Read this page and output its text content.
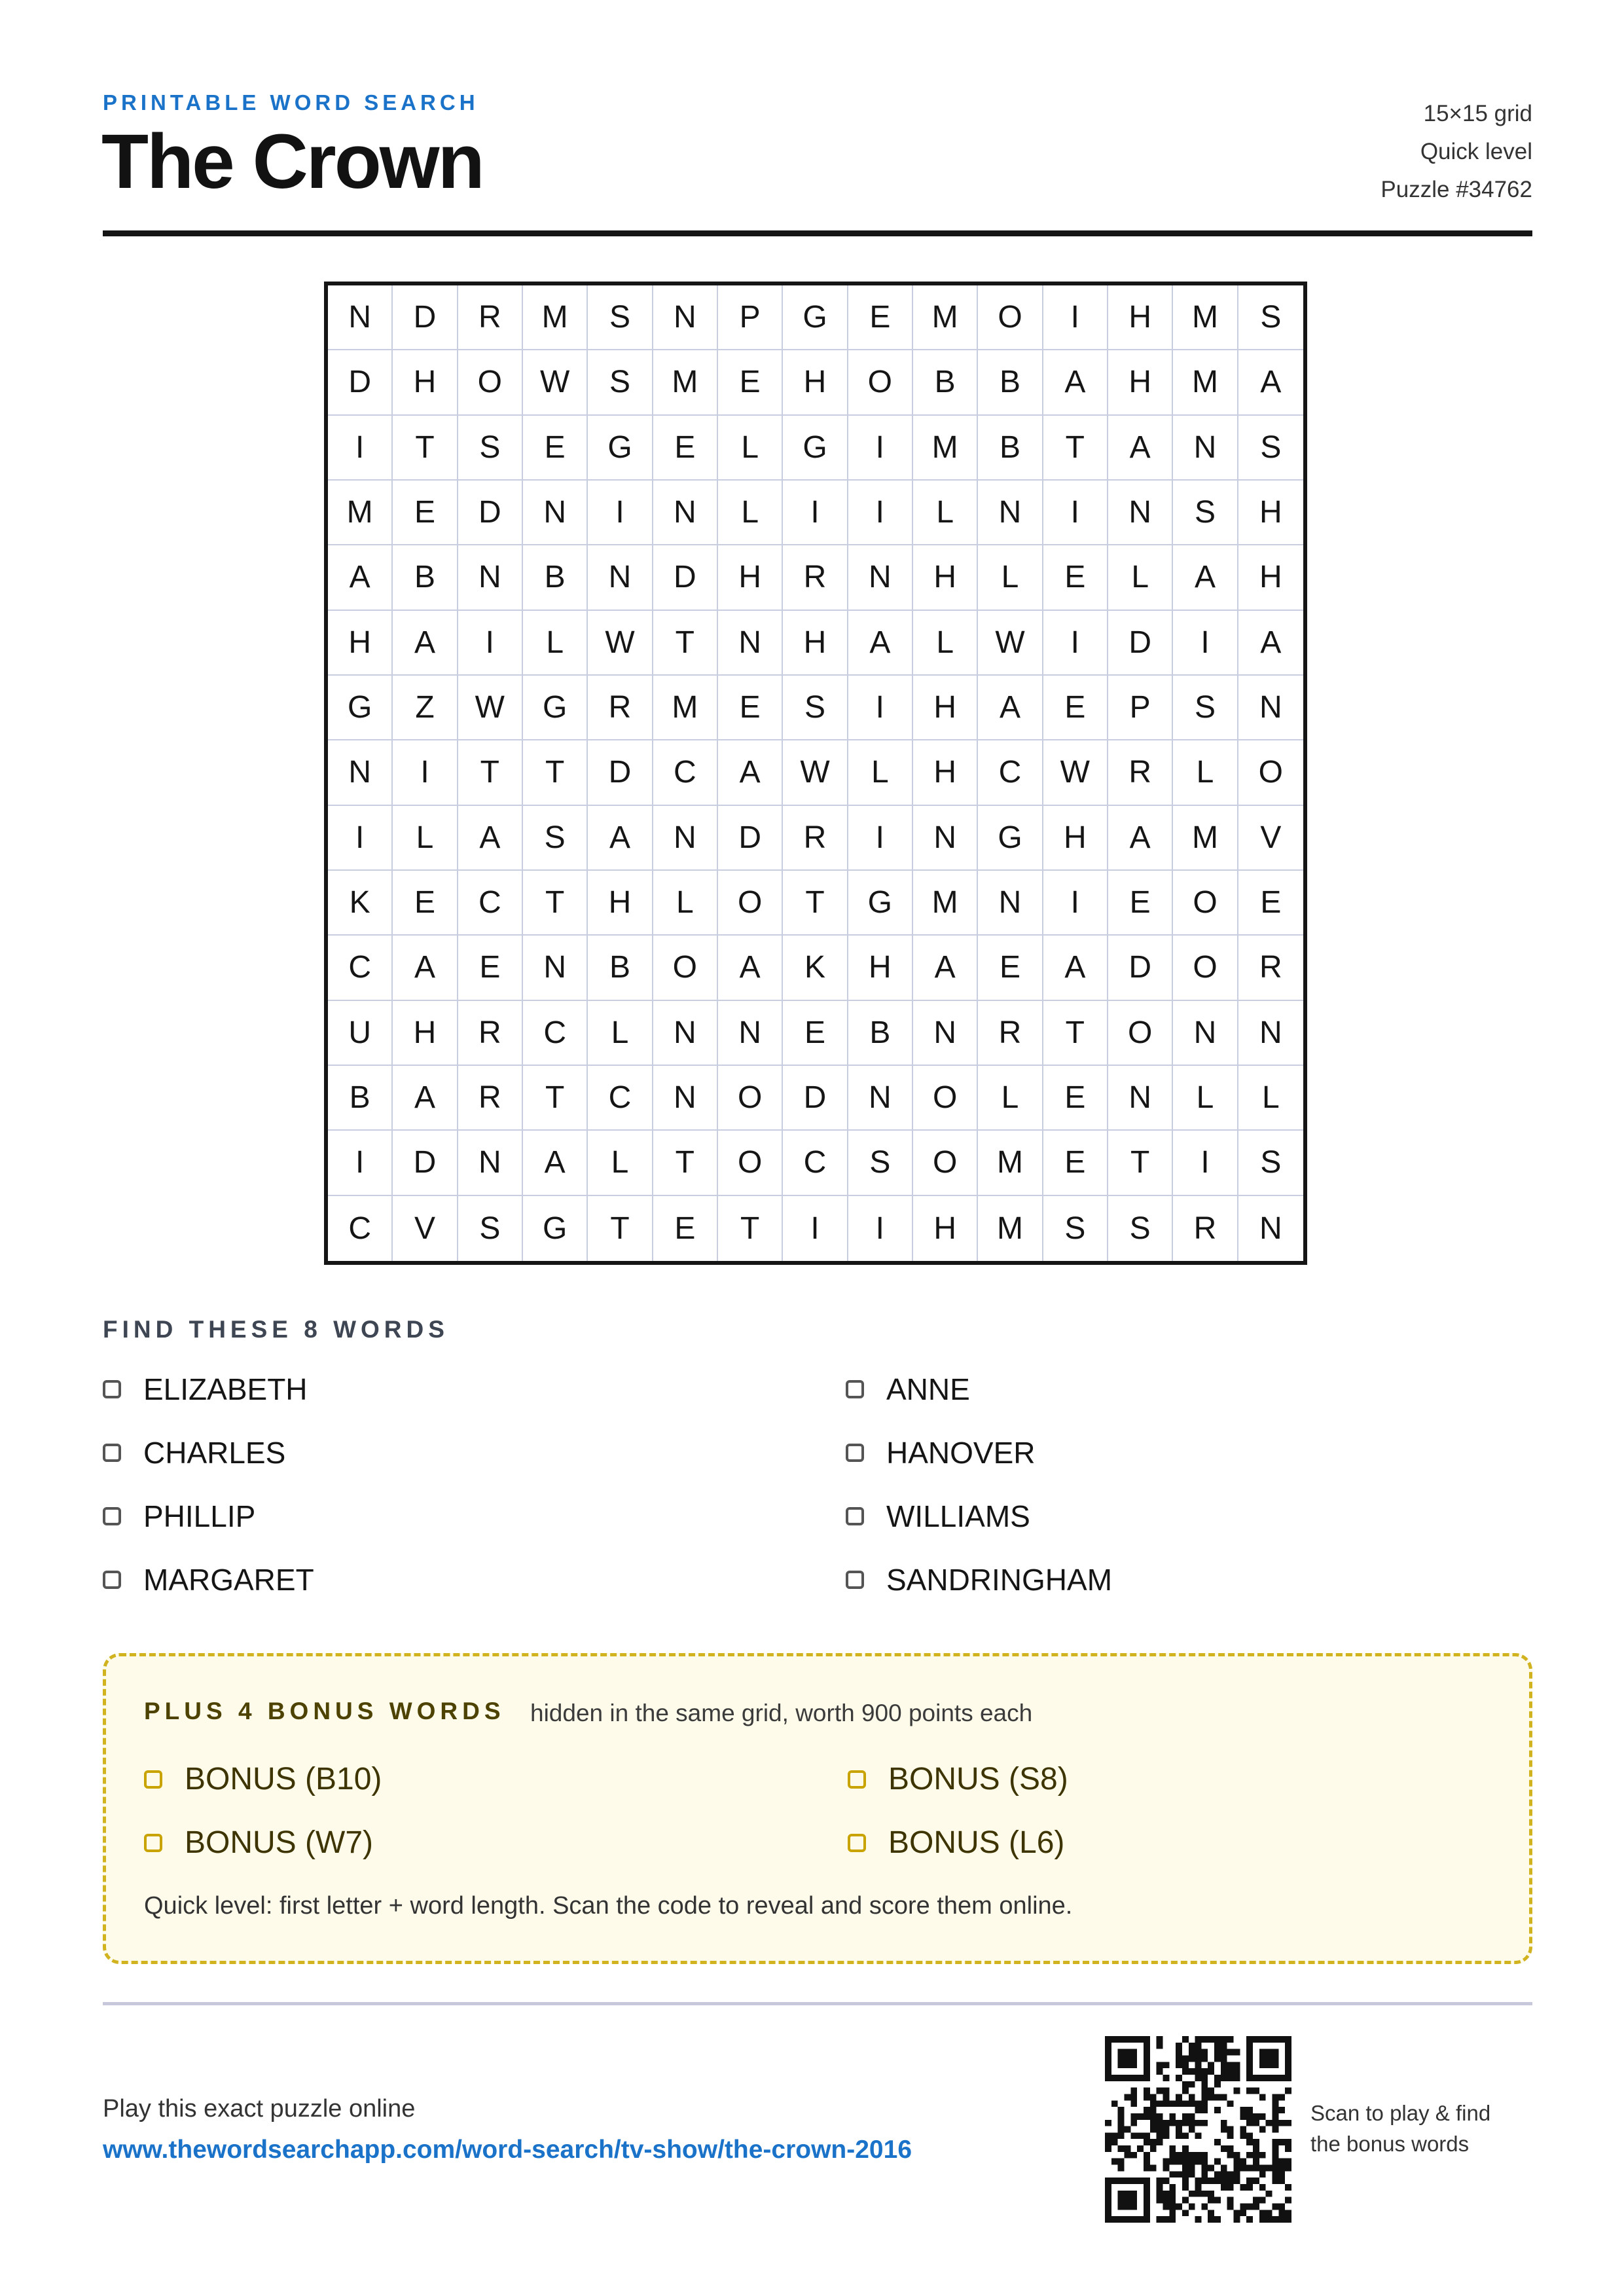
PRINTABLE WORD SEARCH
The Crown
15×15 grid
Quick level
Puzzle #34762
N	D	R	M	S	N	P	G	E	M	O	I	H	M	S
D	H	O	W	S	M	E	H	O	B	B	A	H	M	A
I	T	S	E	G	E	L	G	I	M	B	T	A	N	S
M	E	D	N	I	N	L	I	I	L	N	I	N	S	H
A	B	N	B	N	D	H	R	N	H	L	E	L	A	H
H	A	I	L	W	T	N	H	A	L	W	I	D	I	A
G	Z	W	G	R	M	E	S	I	H	A	E	P	S	N
N	I	T	T	D	C	A	W	L	H	C	W	R	L	O
I	L	A	S	A	N	D	R	I	N	G	H	A	M	V
K	E	C	T	H	L	O	T	G	M	N	I	E	O	E
C	A	E	N	B	O	A	K	H	A	E	A	D	O	R
U	H	R	C	L	N	N	E	B	N	R	T	O	N	N
B	A	R	T	C	N	O	D	N	O	L	E	N	L	L
I	D	N	A	L	T	O	C	S	O	M	E	T	I	S
C	V	S	G	T	E	T	I	I	H	M	S	S	R	N
FIND THESE 8 WORDS
ELIZABETH
CHARLES
PHILLIP
MARGARET
ANNE
HANOVER
WILLIAMS
SANDRINGHAM
PLUS 4 BONUS WORDS hidden in the same grid, worth 900 points each
BONUS (B10)
BONUS (W7)
BONUS (S8)
BONUS (L6)
Quick level: first letter + word length. Scan the code to reveal and score them online.
Play this exact puzzle online
www.thewordsearchapp.com/word-search/tv-show/the-crown-2016
Scan to play & find
the bonus words
